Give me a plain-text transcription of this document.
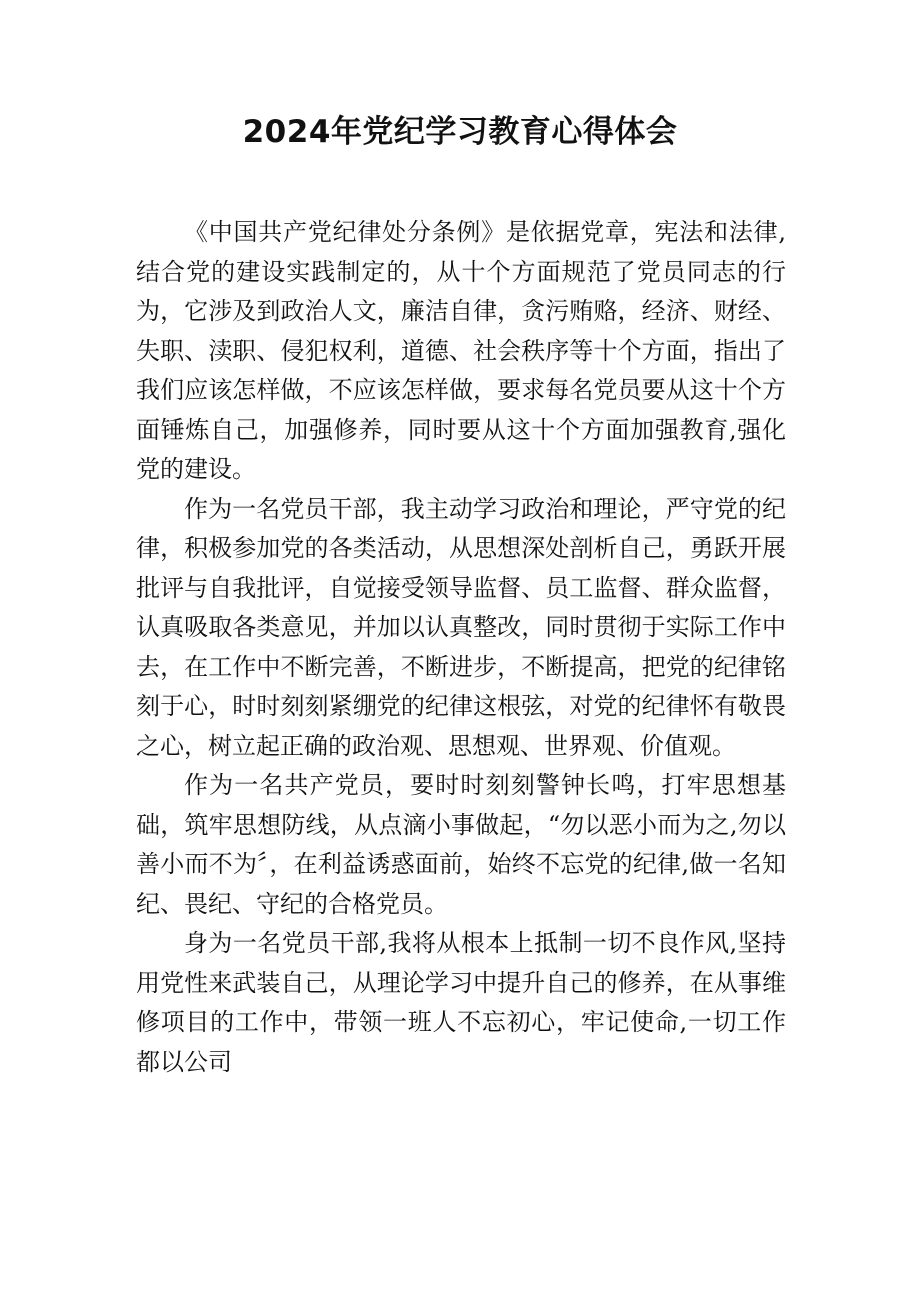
2024年党纪学习教育心得体会

《中国共产党纪律处分条例》是依据党章，宪法和法律,结合党的建设实践制定的，从十个方面规范了党员同志的行为，它涉及到政治人文，廉洁自律，贪污贿赂，经济、财经、失职、渎职、侵犯权利，道德、社会秩序等十个方面，指出了我们应该怎样做，不应该怎样做，要求每名党员要从这十个方面锤炼自己，加强修养，同时要从这十个方面加强教育,强化党的建设。

作为一名党员干部，我主动学习政治和理论，严守党的纪律，积极参加党的各类活动，从思想深处剖析自己，勇跃开展批评与自我批评，自觉接受领导监督、员工监督、群众监督，认真吸取各类意见，并加以认真整改，同时贯彻于实际工作中去，在工作中不断完善，不断进步，不断提高，把党的纪律铭刻于心，时时刻刻紧绷党的纪律这根弦，对党的纪律怀有敬畏之心，树立起正确的政治观、思想观、世界观、价值观。

作为一名共产党员，要时时刻刻警钟长鸣，打牢思想基础，筑牢思想防线，从点滴小事做起，“勿以恶小而为之,勿以善小而不为〞，在利益诱惑面前，始终不忘党的纪律,做一名知纪、畏纪、守纪的合格党员。

身为一名党员干部,我将从根本上抵制一切不良作风,坚持用党性来武装自己，从理论学习中提升自己的修养，在从事维修项目的工作中，带领一班人不忘初心，牢记使命,一切工作都以公司
